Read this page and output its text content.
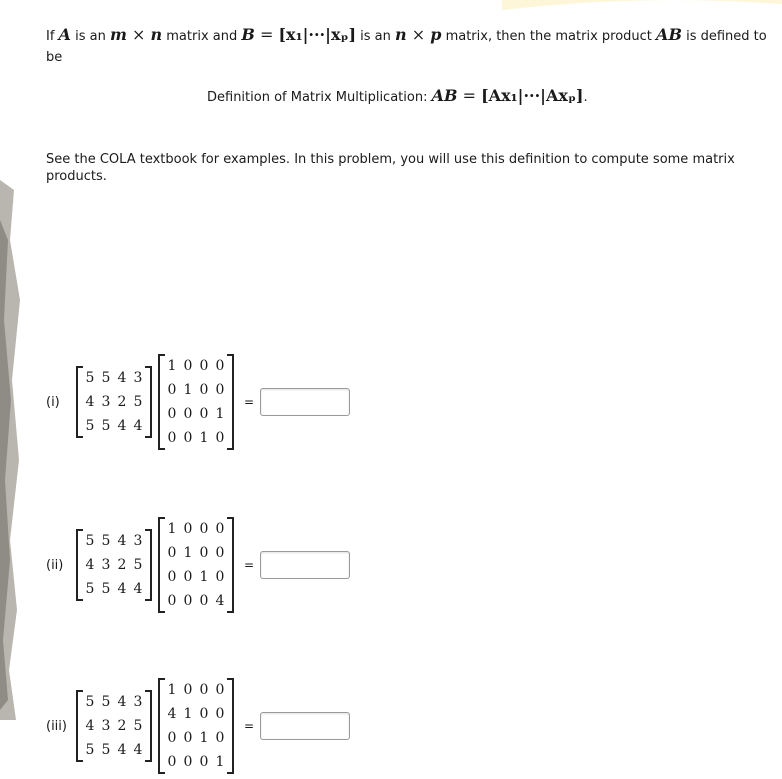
If A is an m × n matrix and B = [x₁|···|xₚ] is an n × p matrix, then the matrix product AB is defined to
be
Definition of Matrix Multiplication: AB = [Ax₁|···|Axₚ].
See the COLA textbook for examples. In this problem, you will use this definition to compute some matrix products.
(i)
5 5 4 3
4 3 2 5
5 5 4 4
1 0 0 0
0 1 0 0
0 0 0 1
0 0 1 0
=
(ii)
5 5 4 3
4 3 2 5
5 5 4 4
1 0 0 0
0 1 0 0
0 0 1 0
0 0 0 4
=
(iii)
5 5 4 3
4 3 2 5
5 5 4 4
1 0 0 0
4 1 0 0
0 0 1 0
0 0 0 1
=
